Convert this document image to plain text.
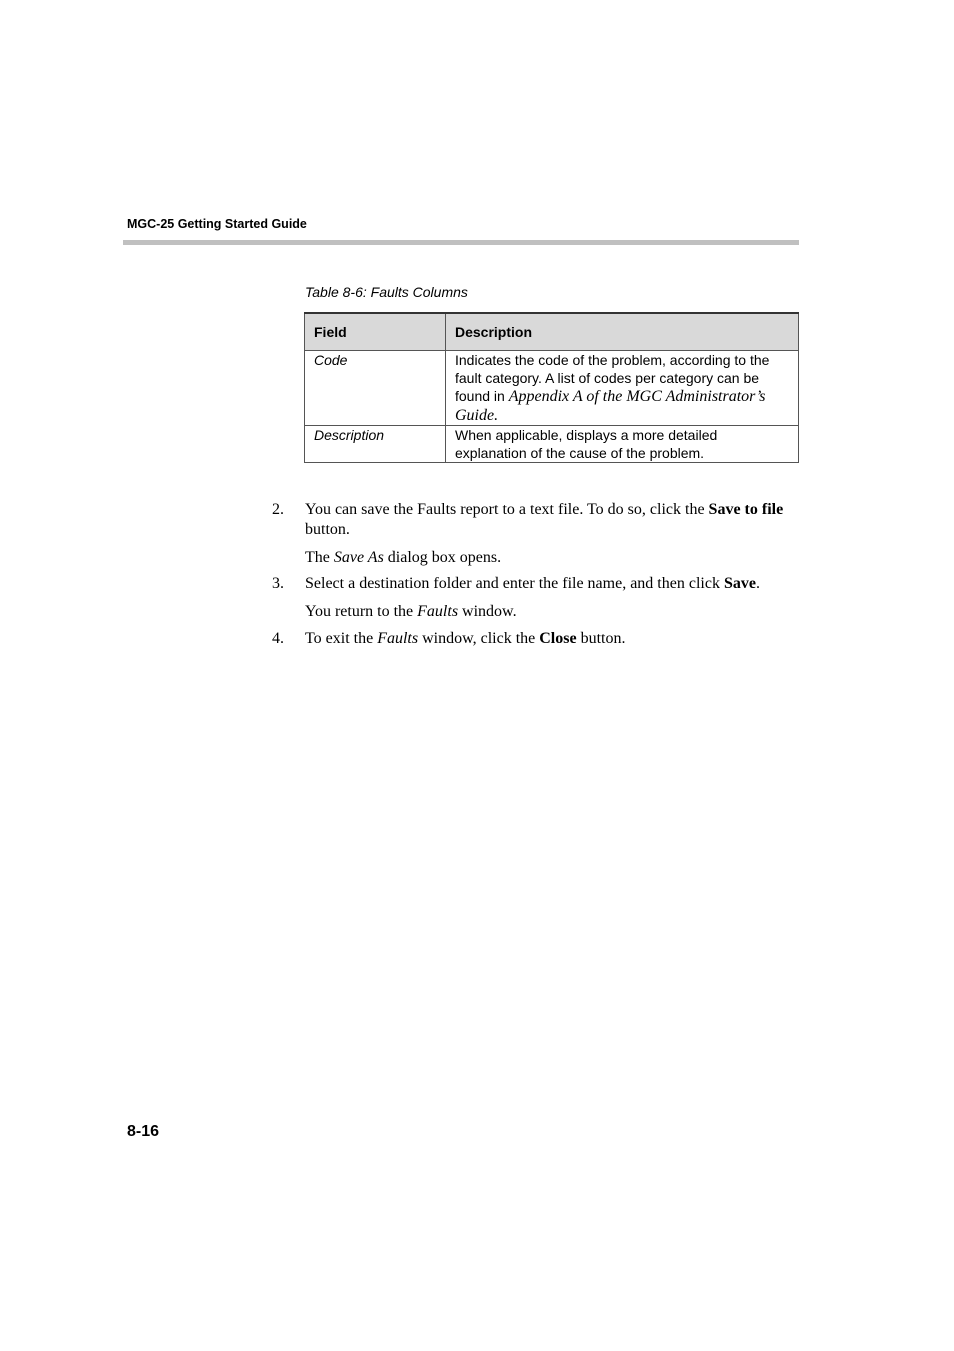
MGC-25 Getting Started Guide
Table 8-6: Faults Columns
Field	Description
Code	Indicates the code of the problem, according to the fault category. A list of codes per category can be found in Appendix A of the MGC Administrator’s Guide.
Description	When applicable, displays a more detailed explanation of the cause of the problem.
2. You can save the Faults report to a text file. To do so, click the Save to file button.
The Save As dialog box opens.
3. Select a destination folder and enter the file name, and then click Save.
You return to the Faults window.
4. To exit the Faults window, click the Close button.
8-16
